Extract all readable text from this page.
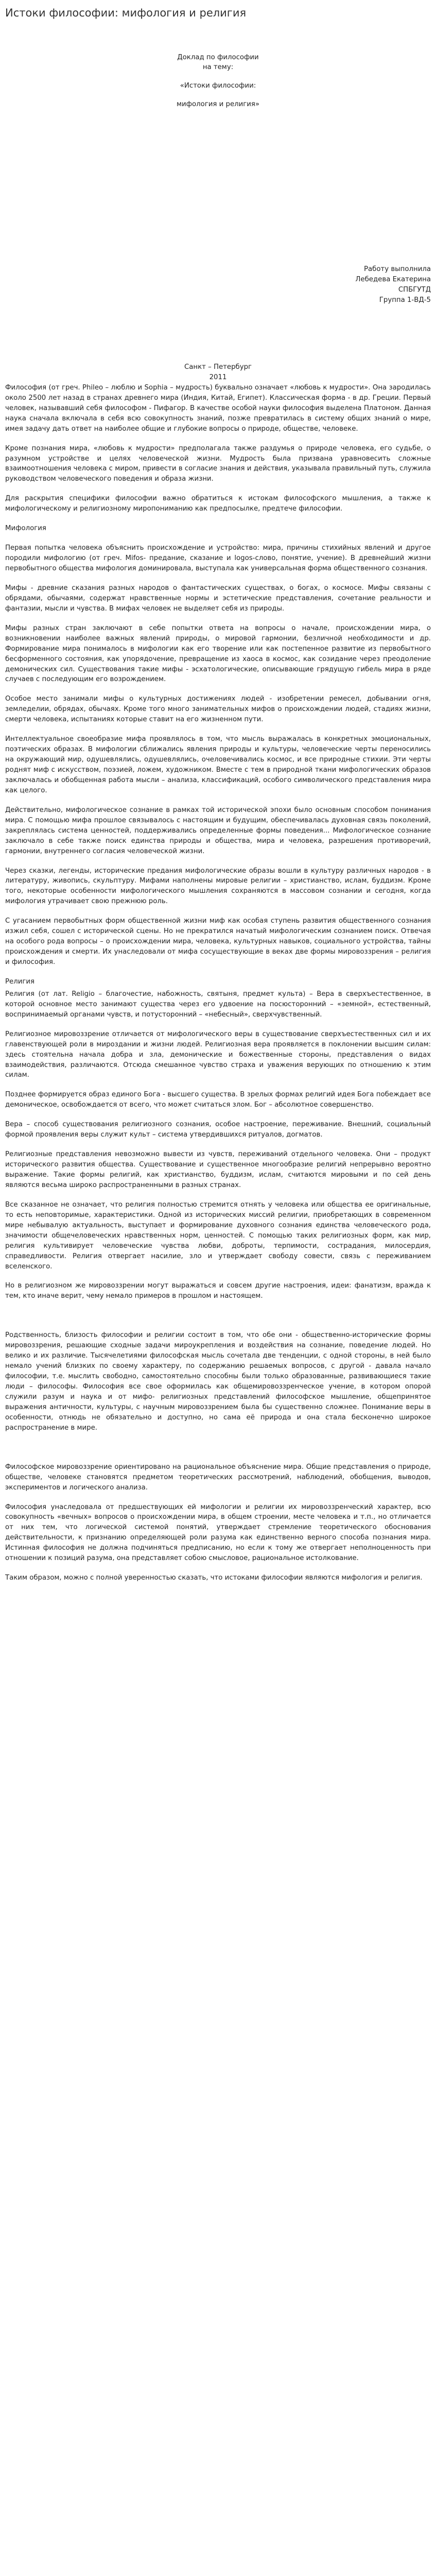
Истоки философии: мифология и религия

Доклад по философии

на тему:

«Истоки философии:

мифология и религия»

Работу выполнила

Лебедева Екатерина

СПБГУТД

Группа 1-ВД-5

Санкт – Петербург

2011

Философия (от греч. Phileo – люблю и Sophia – мудрость) буквально означает «любовь к мудрости». Она зародилась около 2500 лет назад в странах древнего мира (Индия, Китай, Египет). Классическая форма - в др. Греции. Первый человек, называвший себя философом - Пифагор. В качестве особой науки философия выделена Платоном. Данная наука сначала включала в себя всю совокупность знаний, позже превратилась в систему общих знаний о мире, имея задачу дать ответ на наиболее общие и глубокие вопросы о природе, обществе, человеке.

Кроме познания мира, «любовь к мудрости» предполагала также раздумья о природе человека, его судьбе, о разумном устройстве и целях человеческой жизни. Мудрость была призвана урaвновесить сложные взаимоотношения человека с миром, привести в согласие знания и действия, указывала правильный путь, служила руководством человеческого поведения и образа жизни.

Для раскрытия специфики философии важно обратиться к истокам философского мышления, а также к мифологическому и религиозному миропониманию как предпосылке, предтече философии.

Мифология

Первая попытка человека объяснить происхождение и устройство: мира, причины стихийных явлений и другое породили мифологию (от греч. Mifos- предание, сказание и logos-слово, понятие, учение). В древнейший жизни первобытного общества мифология доминировала, выступала как универсальная форма общественного сознания.

Мифы - древние сказания разных народов о фантастических существах, о богах, о космосе. Мифы связаны с обрядами, обычаями, содержат нравственные нормы и эстетические представления, сочетание реальности и фантазии, мысли и чувства. В мифах человек не выделяет себя из природы.

Мифы разных стран заключают в себе попытки ответа на вопросы о начале, происхождении мира, о возникновении наиболее важных явлений природы, о мировой гармонии, безличной необходимости и др. Формирование мира понималось в мифологии как его творение или как постепенное развитие из первобытного бесформенного состояния, как упорядочение, превращение из хаоса в космос, как созидание через преодоление демонических сил. Существования такие мифы - эсхатологические, описывающие грядущую гибель мира в ряде случаев с последующим его возрождением.

Особое место занимали мифы о культурных достижениях людей - изобретении ремесел, добывании огня, земледелии, обрядах, обычаях. Кроме того много занимательных мифов о происхождении людей, стадиях жизни, смерти человека, испытаниях которые ставит на его жизненном пути.

Интеллектуальное своеобразие мифа проявлялось в том, что мысль выражалась в конкретных эмоциональных, поэтических образах. В мифологии сближались явления природы и культуры, человеческие черты переносились на окружающий мир, одушевлялись, одушевлялись, очеловечивались космос, и все природные стихии. Эти черты роднят миф с искусством, поэзией, ложем, художником. Вместе с тем в природной ткани мифологических образов заключалась и обобщенная работа мысли – анализа, классификаций, особого символического представления мира как целого.

Действительно, мифологическое сознание в рамках той исторической эпохи было основным способом понимания мира. С помощью мифа прошлое связывалось с настоящим и будущим, обеспечивалась духовная связь поколений, закреплялась система ценностей, поддерживались определенные формы поведения... Мифологическое сознание заключало в себе также поиск единства природы и общества, мира и человека, разрешения противоречий, гармонии, внутреннего согласия человеческой жизни.

Через сказки, легенды, исторические предания мифологические образы вошли в культуру различных народов - в литературу, живопись, скульптуру. Мифами наполнены мировые религии – христианство, ислам, буддизм. Кроме того, некоторые особенности мифологического мышления сохраняются в массовом сознании и сегодня, когда мифология утрачивает свою прежнюю роль.

С угасанием первобытных форм общественной жизни миф как особая ступень развития общественного сознания изжил себя, сошел с исторической сцены. Но не прекратился начатый мифологическим сознанием поиск. Отвечая на особого рода вопросы – о происхождении мира, человека, культурных навыков, социального устройства, тайны происхождения и смерти. Их унаследовали от мифа сосуществующие в веках две формы мировоззрения – религия и философия.

Религия

Религия (от лат. Religio – благочестие, набожность, святыня, предмет культа) – Вера в сверхъестественное, в которой основное место занимают существа через его удвоение на посюсторонний – «земной», естественный, воспринимаемый органами чувств, и потусторонний – «небесный», сверхчувственный.

Религиозное мировоззрение отличается от мифологического веры в существование сверхъестественных сил и их главенствующей роли в мироздании и жизни людей. Религиозная вера проявляется в поклонении высшим силам: здесь стоятельна начала добра и зла, демонические и божественные стороны, представления о видах взаимодействия, различаются. Отсюда смешанное чувство страха и уважения верующих по отношению к этим силам.

Позднее формируется образ единого Бога - высшего существа. В зрелых формах религий идея Бога побеждает все демоническое, освобождается от всего, что может считаться злом. Бог – абсолютное совершенство.

Вера – способ существования религиозного сознания, особое настроение, переживание. Внешний, социальный формой проявления веры служит культ – система утвердившихся ритуалов, догматов.

Религиозные представления невозможно вывести из чувств, переживаний отдельного человека. Они – продукт исторического развития общества. Существование и существенное многообразие религий непрерывно вероятно выражение. Такие формы религий, как христианство, буддизм, ислам, считаются мировыми и по сей день являются весьма широко распространенными в разных странах.

Все сказанное не означает, что религия полностью стремится отнять у человека или общества ее оригинальные, то есть неповторимые, характеристики. Одной из исторических миссий религии, приобретающих в современном мире небывалую актуальность, выступает и формирование духовного сознания единства человеческого рода, значимости общечеловеческих нравственных норм, ценностей. С помощью таких религиозных форм, как мир, религия культивирует человеческие чувства любви, доброты, терпимости, сострадания, милосердия, справедливости. Религия отвергает насилие, зло и утверждает свободу совести, связь с переживанием вселенского.

Но в религиозном же мировоззрении могут выражаться и совсем другие настроения, идеи: фанатизм, вражда к тем, кто иначе верит, чему немало примеров в прошлом и настоящем.

Родственность, близость философии и религии состоит в том, что обе они - общественно-исторические формы мировоззрения, решающие сходные задачи мироукрепления и воздействия на сознание, поведение людей. Но велико и их различие. Тысячелетиями философская мысль сочетала две тенденции, с одной стороны, в ней было немало учений близких по своему характеру, по содержанию решаемых вопросов, с другой - давала начало философии, т.е. мыслить свободно, самостоятельно способны были только образованные, развивающиеся такие люди – философы. Философия все свое оформилась как общемировоззренческое учение, в котором опорой служили разум и наука и от мифо- религиозных представлений философское мышление, общепринятое выражения античности, культуры, с научным мировоззрением была бы существенно сложнее. Понимание веры в особенности, отнюдь не обязательно и доступно, но сама её природа и она стала бесконечно широкое распространение в мире.

Философское мировоззрение ориентировано на рациональное объяснение мира. Общие представления о природе, обществе, человеке становятся предметом теоретических рассмотрений, наблюдений, обобщения, выводов, экспериментов и логического анализа.

Философия унаследовала от предшествующих ей мифологии и религии их мировоззренческий характер, всю совокупность «вечных» вопросов о происхождении мира, в общем строении, месте человека и т.п., но отличается от них тем, что логической системой понятий, утверждает стремление теоретического обоснования действительности, к признанию определяющей роли разума как единственно верного способа познания мира. Истинная философия не должна подчиняться предписанию, но если к тому же отвергает неполноценность при отношении к позиций разума, она представляет собою смысловое, рациональное истолкование.

Таким образом, можно с полной уверенностью сказать, что истоками философии являются мифология и религия.
